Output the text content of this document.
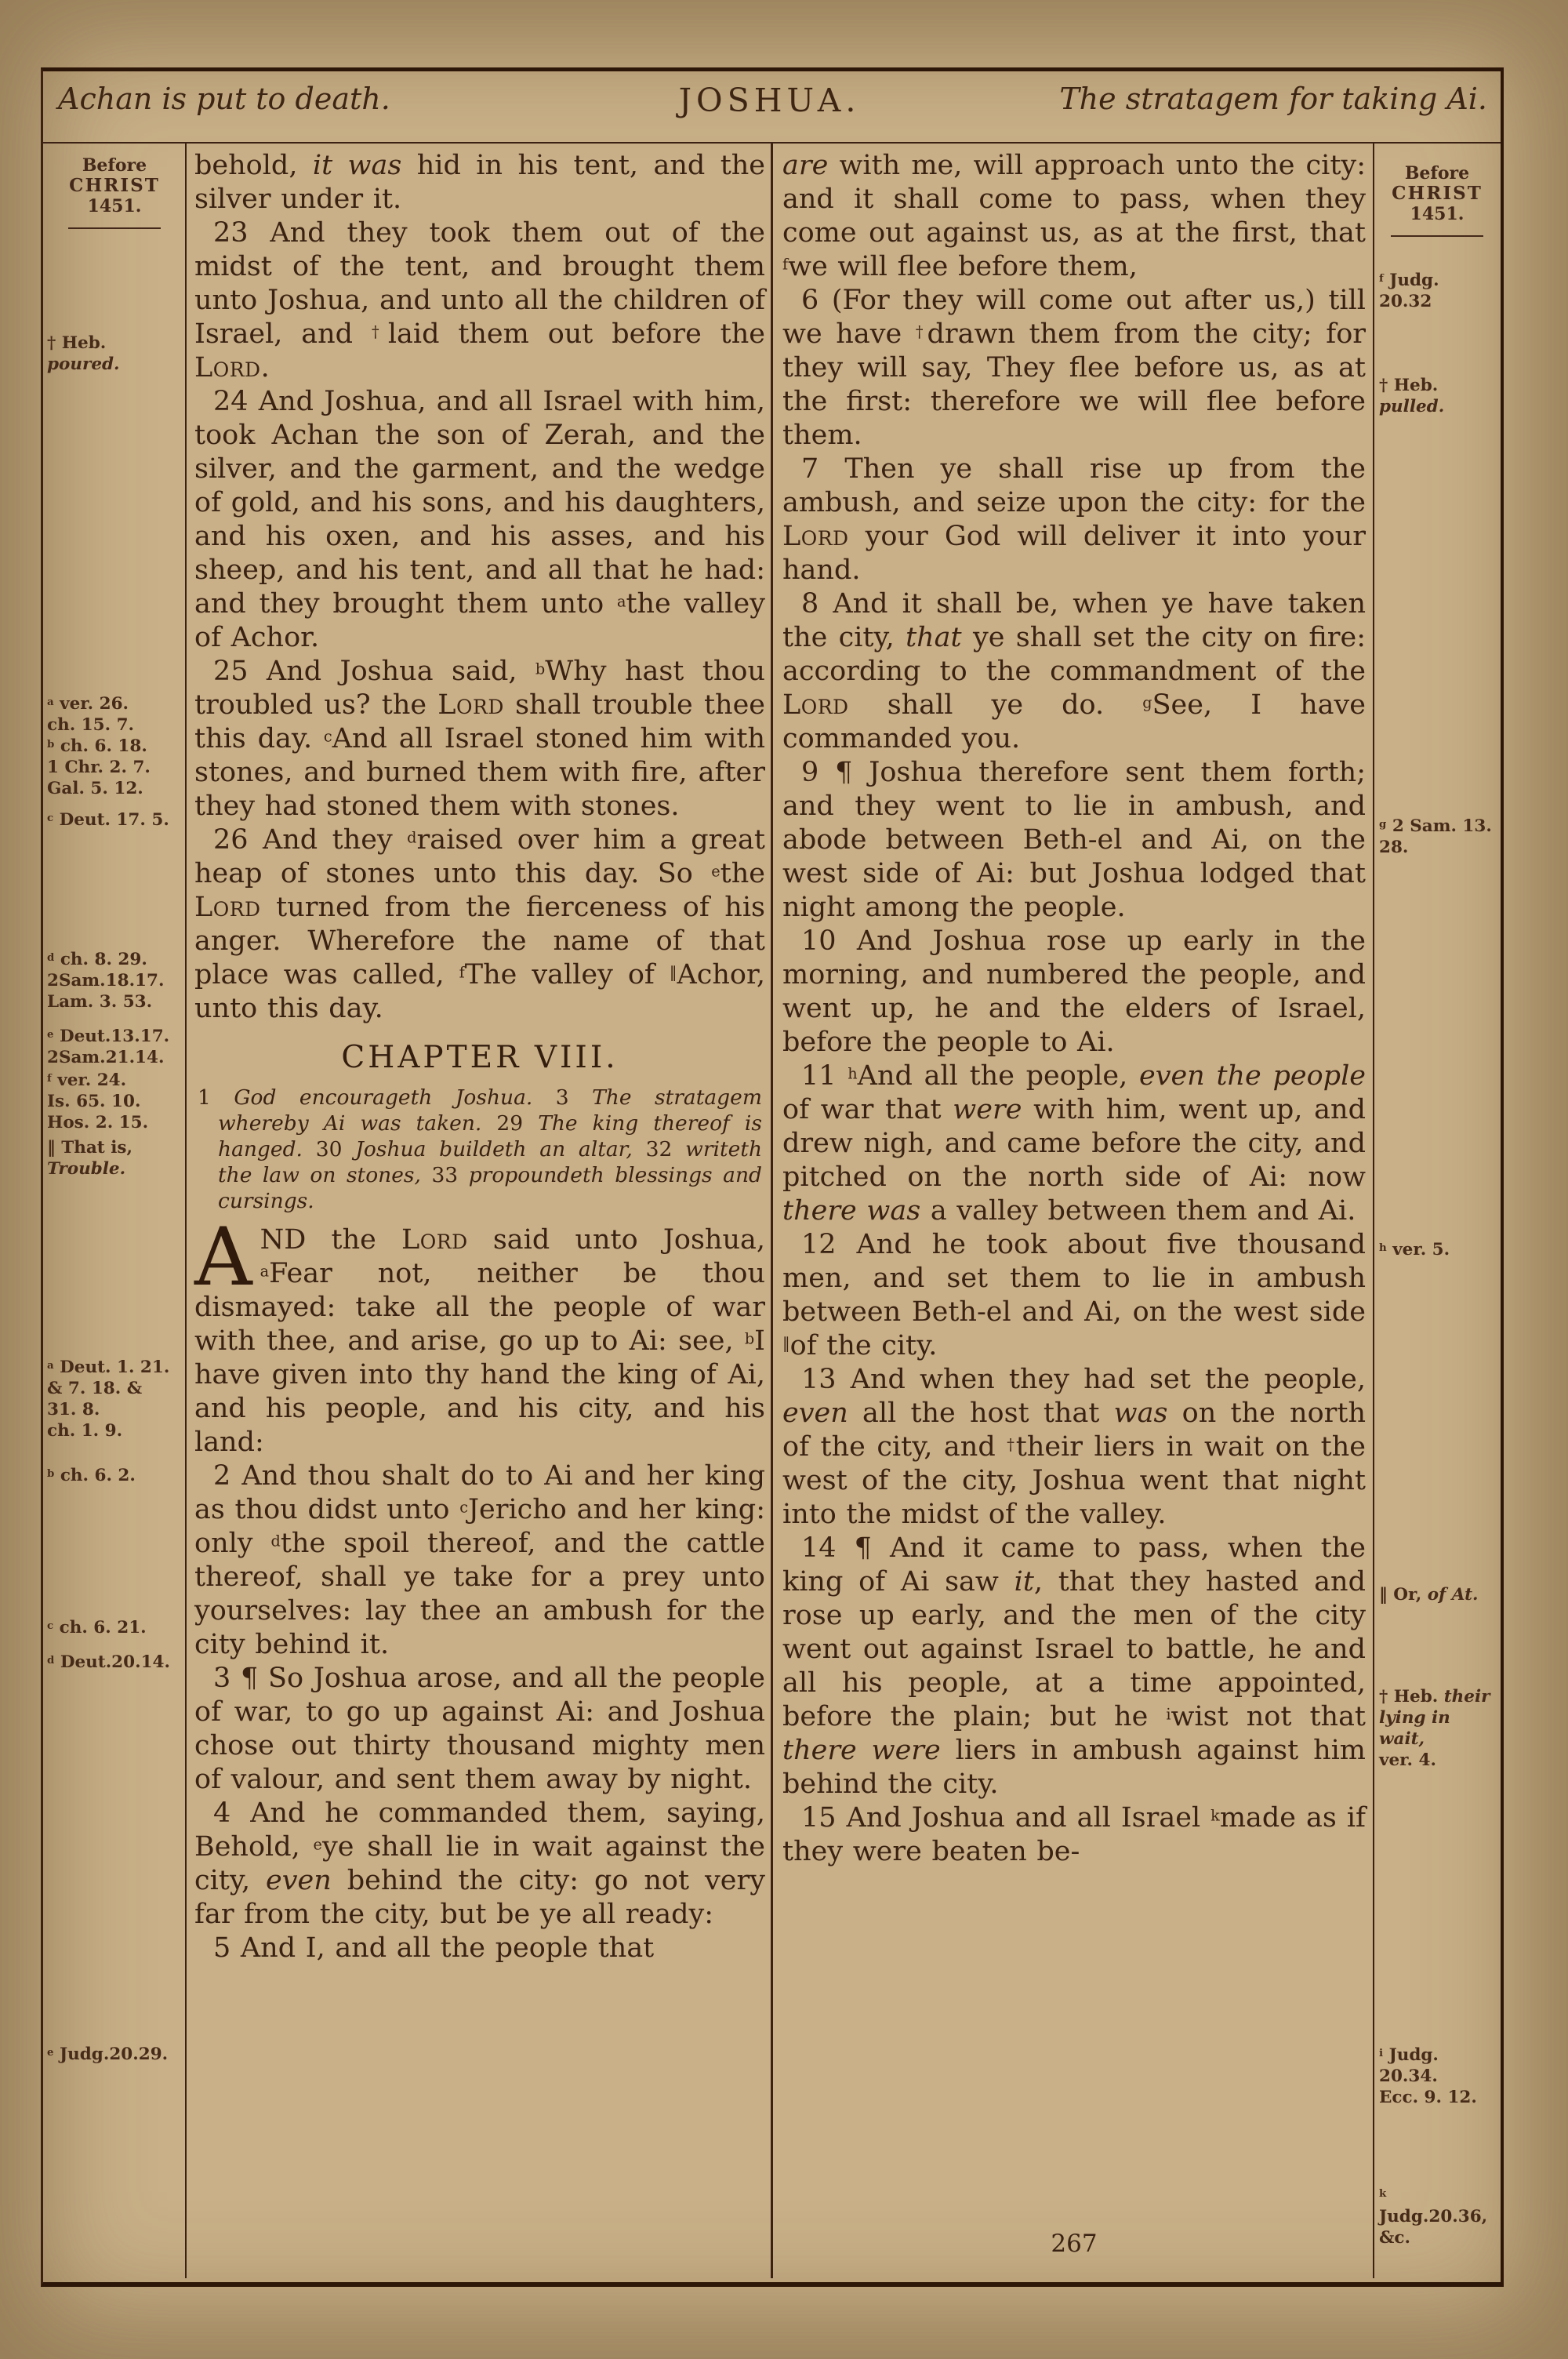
Achan is put to death.	JOSHUA.	The stratagem for taking Ai.
Before
CHRIST
1451.
Before
CHRIST
1451.
† Heb.
poured.
$^a$ ver. 26.
ch. 15. 7.
$^b$ ch. 6. 18.
1 Chr. 2. 7.
Gal. 5. 12.
$^c$ Deut. 17. 5.
$^d$ ch. 8. 29.
2Sam.18.17.
Lam. 3. 53.
$^e$ Deut.13.17.
2Sam.21.14.
$^f$ ver. 24.
Is. 65. 10.
Hos. 2. 15.
‖ That is,
Trouble.
$^a$ Deut. 1. 21.
& 7. 18. &
31. 8.
ch. 1. 9.
$^b$ ch. 6. 2.
$^c$ ch. 6. 21.
$^d$ Deut.20.14.
$^e$ Judg.20.29.
$^f$ Judg. 20.32
† Heb.
pulled.
$^g$ 2 Sam. 13.
28.
$^h$ ver. 5.
‖ Or, of At.
† Heb. their
lying in
wait,
ver. 4.
$^i$ Judg. 20.34.
Ecc. 9. 12.
$^k$ Judg.20.36,
&c.

behold, it was hid in his tent, and the silver under it.

23 And they took them out of the midst of the tent, and brought them unto Joshua, and unto all the children of Israel, and †laid them out before the Lord.

24 And Joshua, and all Israel with him, took Achan the son of Zerah, and the silver, and the garment, and the wedge of gold, and his sons, and his daughters, and his oxen, and his asses, and his sheep, and his tent, and all that he had: and they brought them unto $^a$the valley of Achor.

25 And Joshua said, $^b$Why hast thou troubled us? the Lord shall trouble thee this day. $^c$And all Israel stoned him with stones, and burned them with fire, after they had stoned them with stones.

26 And they $^d$raised over him a great heap of stones unto this day. So $^e$the Lord turned from the fierceness of his anger. Wherefore the name of that place was called, $^f$The valley of ‖Achor, unto this day.

CHAPTER VIII.

1 God encourageth Joshua. 3 The stratagem whereby Ai was taken. 29 The king thereof is hanged. 30 Joshua buildeth an altar, 32 writeth the law on stones, 33 propoundeth blessings and cursings.

AND the Lord said unto Joshua, $^a$Fear not, neither be thou dismayed: take all the people of war with thee, and arise, go up to Ai: see, $^b$I have given into thy hand the king of Ai, and his people, and his city, and his land:

2 And thou shalt do to Ai and her king as thou didst unto $^c$Jericho and her king: only $^d$the spoil thereof, and the cattle thereof, shall ye take for a prey unto yourselves: lay thee an ambush for the city behind it.

3 ¶ So Joshua arose, and all the people of war, to go up against Ai: and Joshua chose out thirty thousand mighty men of valour, and sent them away by night.

4 And he commanded them, saying, Behold, $^e$ye shall lie in wait against the city, even behind the city: go not very far from the city, but be ye all ready:

5 And I, and all the people that

are with me, will approach unto the city: and it shall come to pass, when they come out against us, as at the first, that $^f$we will flee before them,

6 (For they will come out after us,) till we have †drawn them from the city; for they will say, They flee before us, as at the first: therefore we will flee before them.

7 Then ye shall rise up from the ambush, and seize upon the city: for the Lord your God will deliver it into your hand.

8 And it shall be, when ye have taken the city, that ye shall set the city on fire: according to the commandment of the Lord shall ye do. $^g$See, I have commanded you.

9 ¶ Joshua therefore sent them forth; and they went to lie in ambush, and abode between Beth-el and Ai, on the west side of Ai: but Joshua lodged that night among the people.

10 And Joshua rose up early in the morning, and numbered the people, and went up, he and the elders of Israel, before the people to Ai.

11 $^h$And all the people, even the people of war that were with him, went up, and drew nigh, and came before the city, and pitched on the north side of Ai: now there was a valley between them and Ai.

12 And he took about five thousand men, and set them to lie in ambush between Beth-el and Ai, on the west side ‖of the city.

13 And when they had set the people, even all the host that was on the north of the city, and †their liers in wait on the west of the city, Joshua went that night into the midst of the valley.

14 ¶ And it came to pass, when the king of Ai saw it, that they hasted and rose up early, and the men of the city went out against Israel to battle, he and all his people, at a time appointed, before the plain; but he $^i$wist not that there were liers in ambush against him behind the city.

15 And Joshua and all Israel $^k$made as if they were beaten be-

267
